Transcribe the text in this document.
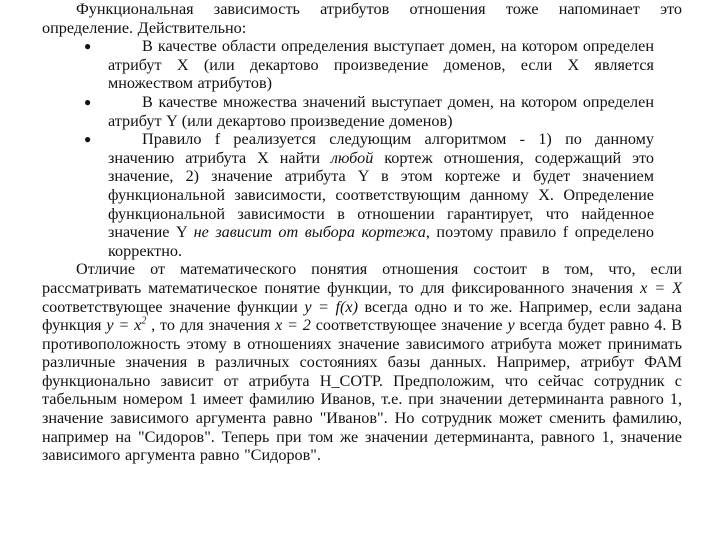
Функциональная зависимость атрибутов отношения тоже напоминает это определение. Действительно:

●	В качестве области определения выступает домен, на котором определен атрибут X (или декартово произведение доменов, если X является множеством атрибутов)
●	В качестве множества значений выступает домен, на котором определен атрибут Y (или декартово произведение доменов)
●	Правило f реализуется следующим алгоритмом - 1) по данному значению атрибута X найти любой кортеж отношения, содержащий это значение, 2) значение атрибута Y в этом кортеже и будет значением функциональной зависимости, соответствующим данному X. Определение функциональной зависимости в отношении гарантирует, что найденное значение Y не зависит от выбора кортежа, поэтому правило f определено корректно.

Отличие от математического понятия отношения состоит в том, что, если рассматривать математическое понятие функции, то для фиксированного значения x = X соответствующее значение функции y = f(x) всегда одно и то же. Например, если задана функция $y = x^2$ , то для значения x = 2 соответствующее значение y всегда будет равно 4. В противоположность этому в отношениях значение зависимого атрибута может принимать различные значения в различных состояниях базы данных. Например, атрибут ФАМ функционально зависит от атрибута Н_СОТР. Предположим, что сейчас сотрудник с табельным номером 1 имеет фамилию Иванов, т.е. при значении детерминанта равного 1, значение зависимого аргумента равно "Иванов". Но сотрудник может сменить фамилию, например на "Сидоров". Теперь при том же значении детерминанта, равного 1, значение зависимого аргумента равно "Сидоров".
